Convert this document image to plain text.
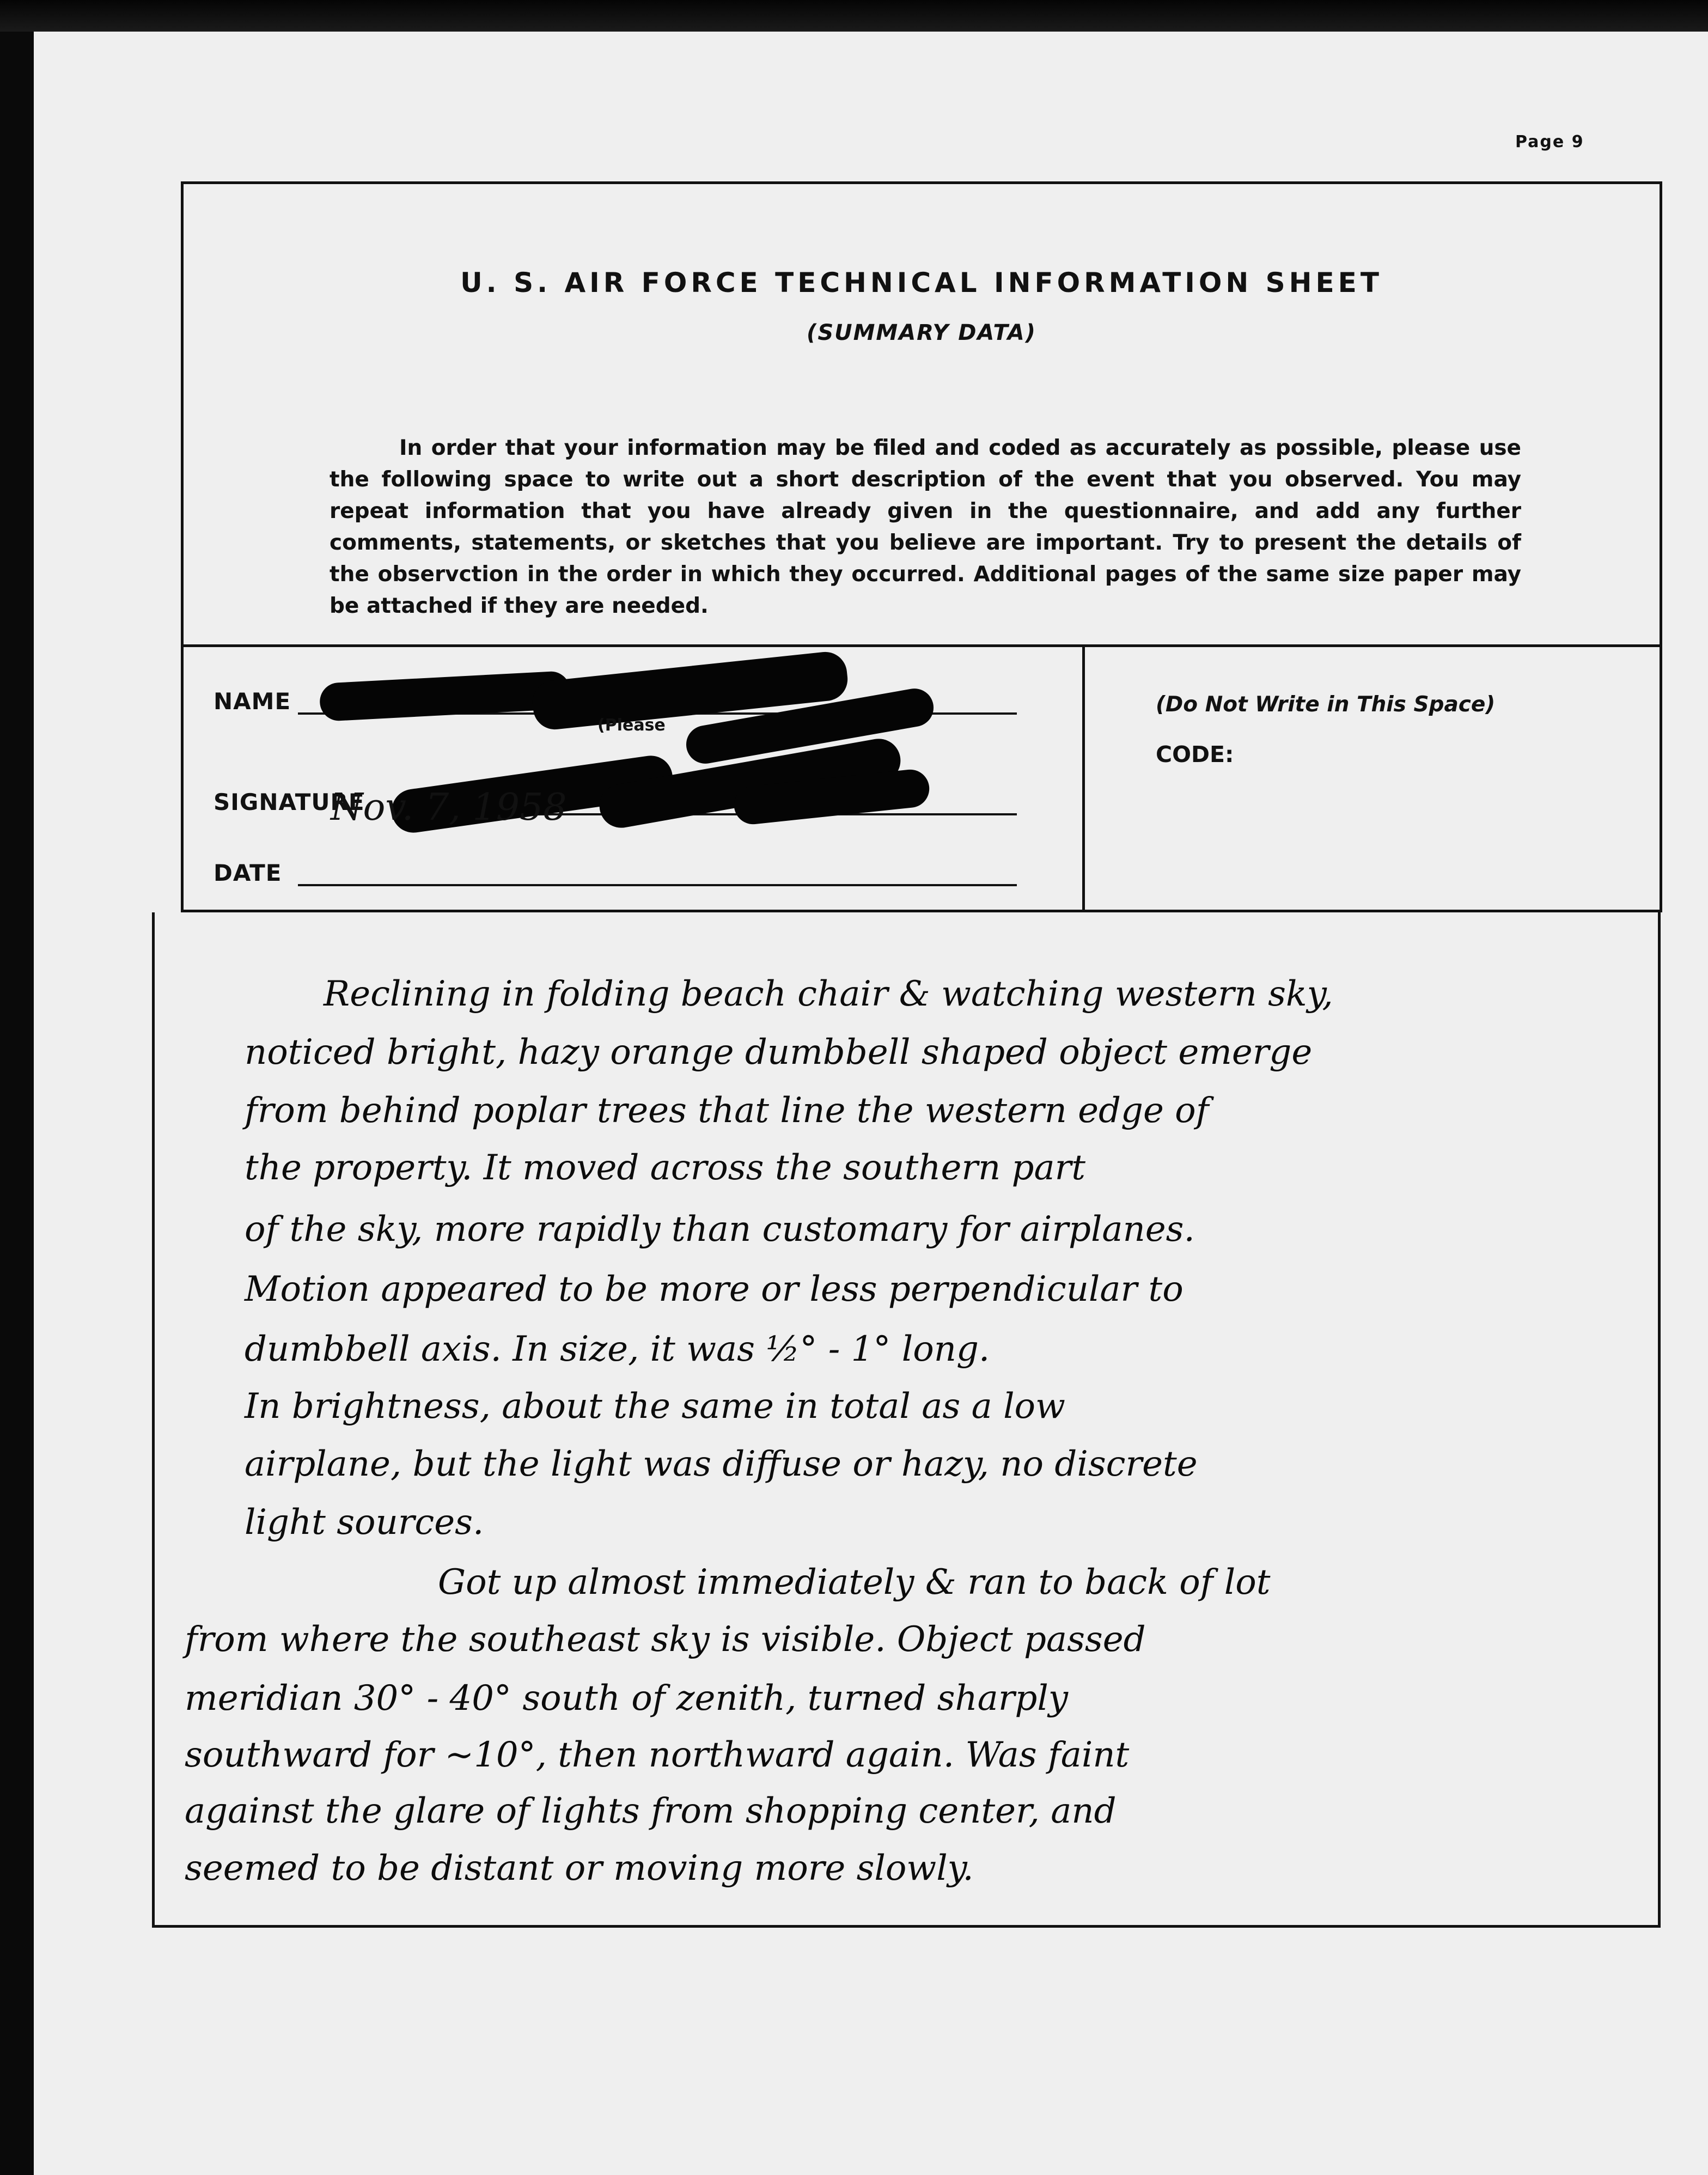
Page 9
U. S. AIR FORCE TECHNICAL INFORMATION SHEET
(SUMMARY DATA)
In order that your information may be filed and coded as accurately as possible, please use the following space to write out a short description of the event that you observed. You may repeat information that you have already given in the questionnaire, and add any further comments, statements, or sketches that you believe are important. Try to present the details of the observction in the order in which they occurred. Additional pages of the same size paper may be attached if they are needed.
NAME
(Please
SIGNATURE
DATE
Nov. 7, 1958
(Do Not Write in This Space)
CODE:
Reclining in folding beach chair & watching western sky,
noticed bright, hazy orange dumbbell shaped object emerge
from behind poplar trees that line the western edge of
the property. It moved across the southern part
of the sky, more rapidly than customary for airplanes.
Motion appeared to be more or less perpendicular to
dumbbell axis. In size, it was ½° - 1° long.
In brightness, about the same in total as a low
airplane, but the light was diffuse or hazy, no discrete
light sources.
Got up almost immediately & ran to back of lot
from where the southeast sky is visible. Object passed
meridian 30° - 40° south of zenith, turned sharply
southward for ~10°, then northward again. Was faint
against the glare of lights from shopping center, and
seemed to be distant or moving more slowly.
